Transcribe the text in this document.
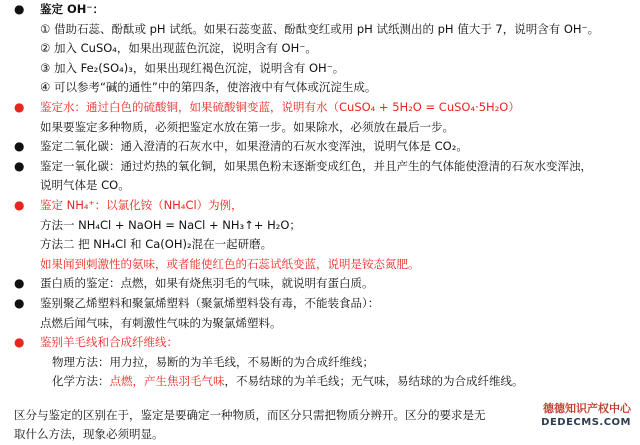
● 鉴定 OH⁻：
① 借助石蕊、酚酞或 pH 试纸。如果石蕊变蓝、酚酞变红或用 pH 试纸测出的 pH 值大于 7，说明含有 OH⁻。
② 加入 CuSO₄，如果出现蓝色沉淀，说明含有 OH⁻。
③ 加入 Fe₂(SO₄)₃，如果出现红褐色沉淀，说明含有 OH⁻。
④ 可以参考“碱的通性”中的第四条，使溶液中有气体或沉淀生成。
● 鉴定水：通过白色的硫酸铜，如果硫酸铜变蓝，说明有水（CuSO₄ + 5H₂O = CuSO₄·5H₂O）
如果要鉴定多种物质，必须把鉴定水放在第一步。如果除水，必须放在最后一步。
● 鉴定二氧化碳：通入澄清的石灰水中，如果澄清的石灰水变浑浊，说明气体是 CO₂。
● 鉴定一氧化碳：通过灼热的氧化铜，如果黑色粉末逐渐变成红色，并且产生的气体能使澄清的石灰水变浑浊，
说明气体是 CO。
● 鉴定 NH₄⁺：以氯化铵（NH₄Cl）为例，
方法一 NH₄Cl + NaOH = NaCl + NH₃↑+ H₂O；
方法二 把 NH₄Cl 和 Ca(OH)₂混在一起研磨。
如果闻到刺激性的氨味，或者能使红色的石蕊试纸变蓝，说明是铵态氮肥。
● 蛋白质的鉴定：点燃，如果有烧焦羽毛的气味，就说明有蛋白质。
● 鉴别聚乙烯塑料和聚氯烯塑料（聚氯烯塑料袋有毒，不能装食品）：
点燃后闻气味，有刺激性气味的为聚氯烯塑料。
● 鉴别羊毛线和合成纤维线：
物理方法：用力拉，易断的为羊毛线，不易断的为合成纤维线；
化学方法：点燃，产生焦羽毛气味，不易结球的为羊毛线；无气味，易结球的为合成纤维线。
区分与鉴定的区别在于，鉴定是要确定一种物质，而区分只需把物质分辨开。区分的要求是无
取什么方法，现象必须明显。
德德知识产权中心
DEDECMS.COM
